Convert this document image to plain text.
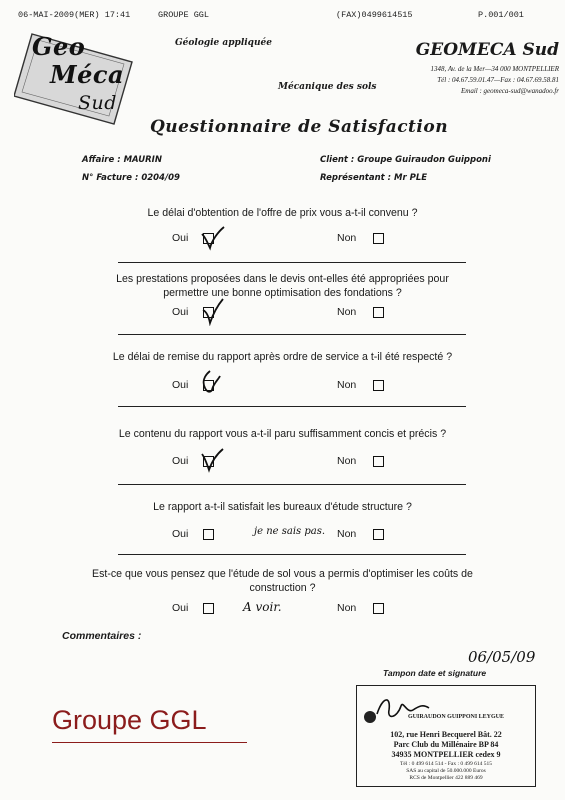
06-MAI-2009(MER) 17:41	GROUPE GGL	(FAX)0499614515	P.001/001
Geo
Méca
Sud
Géologie appliquée
Mécanique des sols
GEOMECA Sud
1348, Av. de la Mer—34 000 MONTPELLIER
Tél : 04.67.59.01.47—Fax : 04.67.69.58.81
Email : geomeca-sud@wanadoo.fr
Questionnaire de Satisfaction
Affaire : MAURIN
N° Facture : 0204/09
Client : Groupe Guiraudon Guipponi
Représentant : Mr PLE
Le délai d'obtention de l'offre de prix vous a-t-il convenu ?
Oui	Non
Les prestations proposées dans le devis ont-elles été appropriées pour
permettre une bonne optimisation des fondations ?
Oui	Non
Le délai de remise du rapport après ordre de service a t-il été respecté ?
Oui	Non
Le contenu du rapport vous a-t-il paru suffisamment concis et précis ?
Oui	Non
Le rapport a-t-il satisfait les bureaux d'étude structure ?
Oui	je ne sais pas. Non
Est-ce que vous pensez que l'étude de sol vous a permis d'optimiser les coûts de
construction ?
Oui	A voir.	Non
Commentaires :
06/05/09
Tampon date et signature
GUIRAUDON GUIPPONI LEYGUE
102, rue Henri Becquerel Bât. 22
Parc Club du Millénaire BP 84
34935 MONTPELLIER cedex 9
Tél : 0 499 614 514 - Fax : 0 499 614 515
SAS au capital de 50.000.000 Euros
RCS de Montpellier 422 889 469
Groupe GGL
